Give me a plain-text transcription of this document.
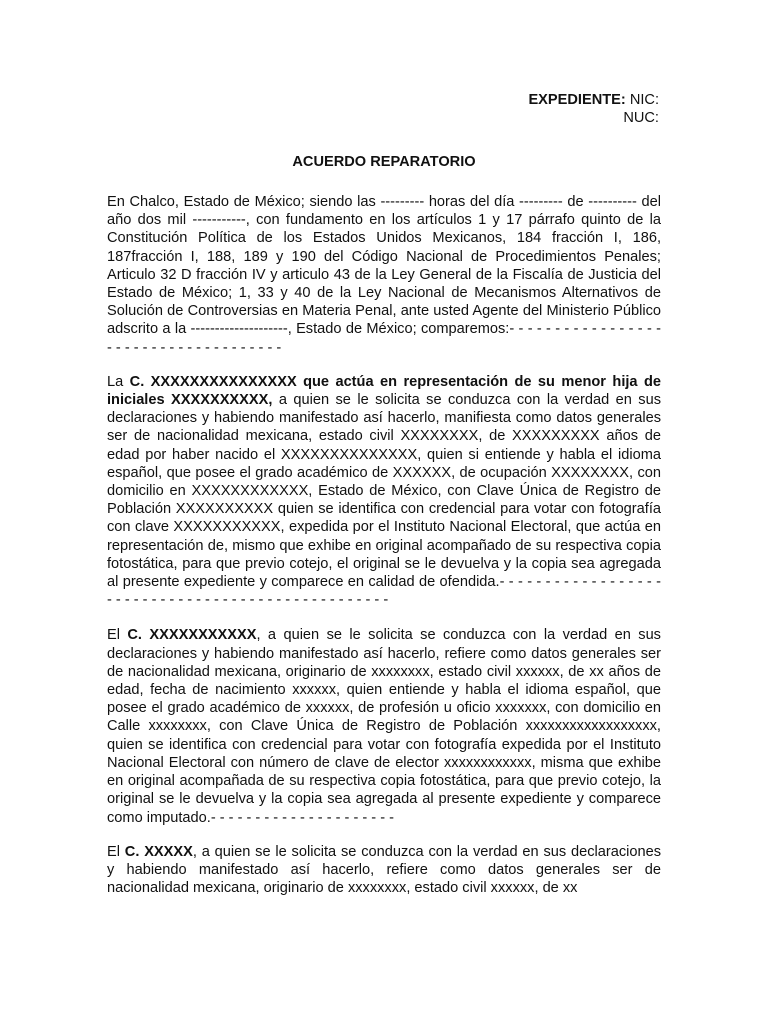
EXPEDIENTE: NIC:
NUC:
ACUERDO REPARATORIO

En Chalco, Estado de México; siendo las --------- horas del día --------- de ---------- del año dos mil -----------, con fundamento en los artículos 1 y 17 párrafo quinto de la Constitución Política de los Estados Unidos Mexicanos, 184 fracción I, 186, 187fracción I, 188, 189 y 190 del Código Nacional de Procedimientos Penales; Articulo 32 D fracción IV y articulo 43 de la Ley General de la Fiscalía de Justicia del Estado de México; 1, 33 y 40 de la Ley Nacional de Mecanismos Alternativos de Solución de Controversias en Materia Penal, ante usted Agente del Ministerio Público adscrito a la --------------------, Estado de México; comparemos:- - - - - - - - - - - - - - - - - - - - - - - - - - - - - - - - - - - - -

La C. XXXXXXXXXXXXXXX que actúa en representación de su menor hija de iniciales XXXXXXXXXX, a quien se le solicita se conduzca con la verdad en sus declaraciones y habiendo manifestado así hacerlo, manifiesta como datos generales ser de nacionalidad mexicana, estado civil XXXXXXXX, de XXXXXXXXX años de edad por haber nacido el XXXXXXXXXXXXXX, quien si entiende y habla el idioma español, que posee el grado académico de XXXXXX, de ocupación XXXXXXXX, con domicilio en XXXXXXXXXXXX, Estado de México, con Clave Única de Registro de Población XXXXXXXXXX quien se identifica con credencial para votar con fotografía con clave XXXXXXXXXXX, expedida por el Instituto Nacional Electoral, que actúa en representación de, mismo que exhibe en original acompañado de su respectiva copia fotostática, para que previo cotejo, el original se le devuelva y la copia sea agregada al presente expediente y comparece en calidad de ofendida.- - - - - - - - - - - - - - - - - - - - - - - - - - - - - - - - - - - - - - - - - - - - - - - - - -

El C. XXXXXXXXXXX, a quien se le solicita se conduzca con la verdad en sus declaraciones y habiendo manifestado así hacerlo, refiere como datos generales ser de nacionalidad mexicana, originario de xxxxxxxx, estado civil xxxxxx, de xx años de edad, fecha de nacimiento xxxxxx, quien entiende y habla el idioma español, que posee el grado académico de xxxxxx, de profesión u oficio xxxxxxx, con domicilio en Calle xxxxxxxx, con Clave Única de Registro de Población xxxxxxxxxxxxxxxxxx, quien se identifica con credencial para votar con fotografía expedida por el Instituto Nacional Electoral con número de clave de elector xxxxxxxxxxxx, misma que exhibe en original acompañada de su respectiva copia fotostática, para que previo cotejo, la original se le devuelva y la copia sea agregada al presente expediente y comparece como imputado.- - - - - - - - - - - - - - - - - - - - -

El C. XXXXX, a quien se le solicita se conduzca con la verdad en sus declaraciones y habiendo manifestado así hacerlo, refiere como datos generales ser de nacionalidad mexicana, originario de xxxxxxxx, estado civil xxxxxx, de xx
